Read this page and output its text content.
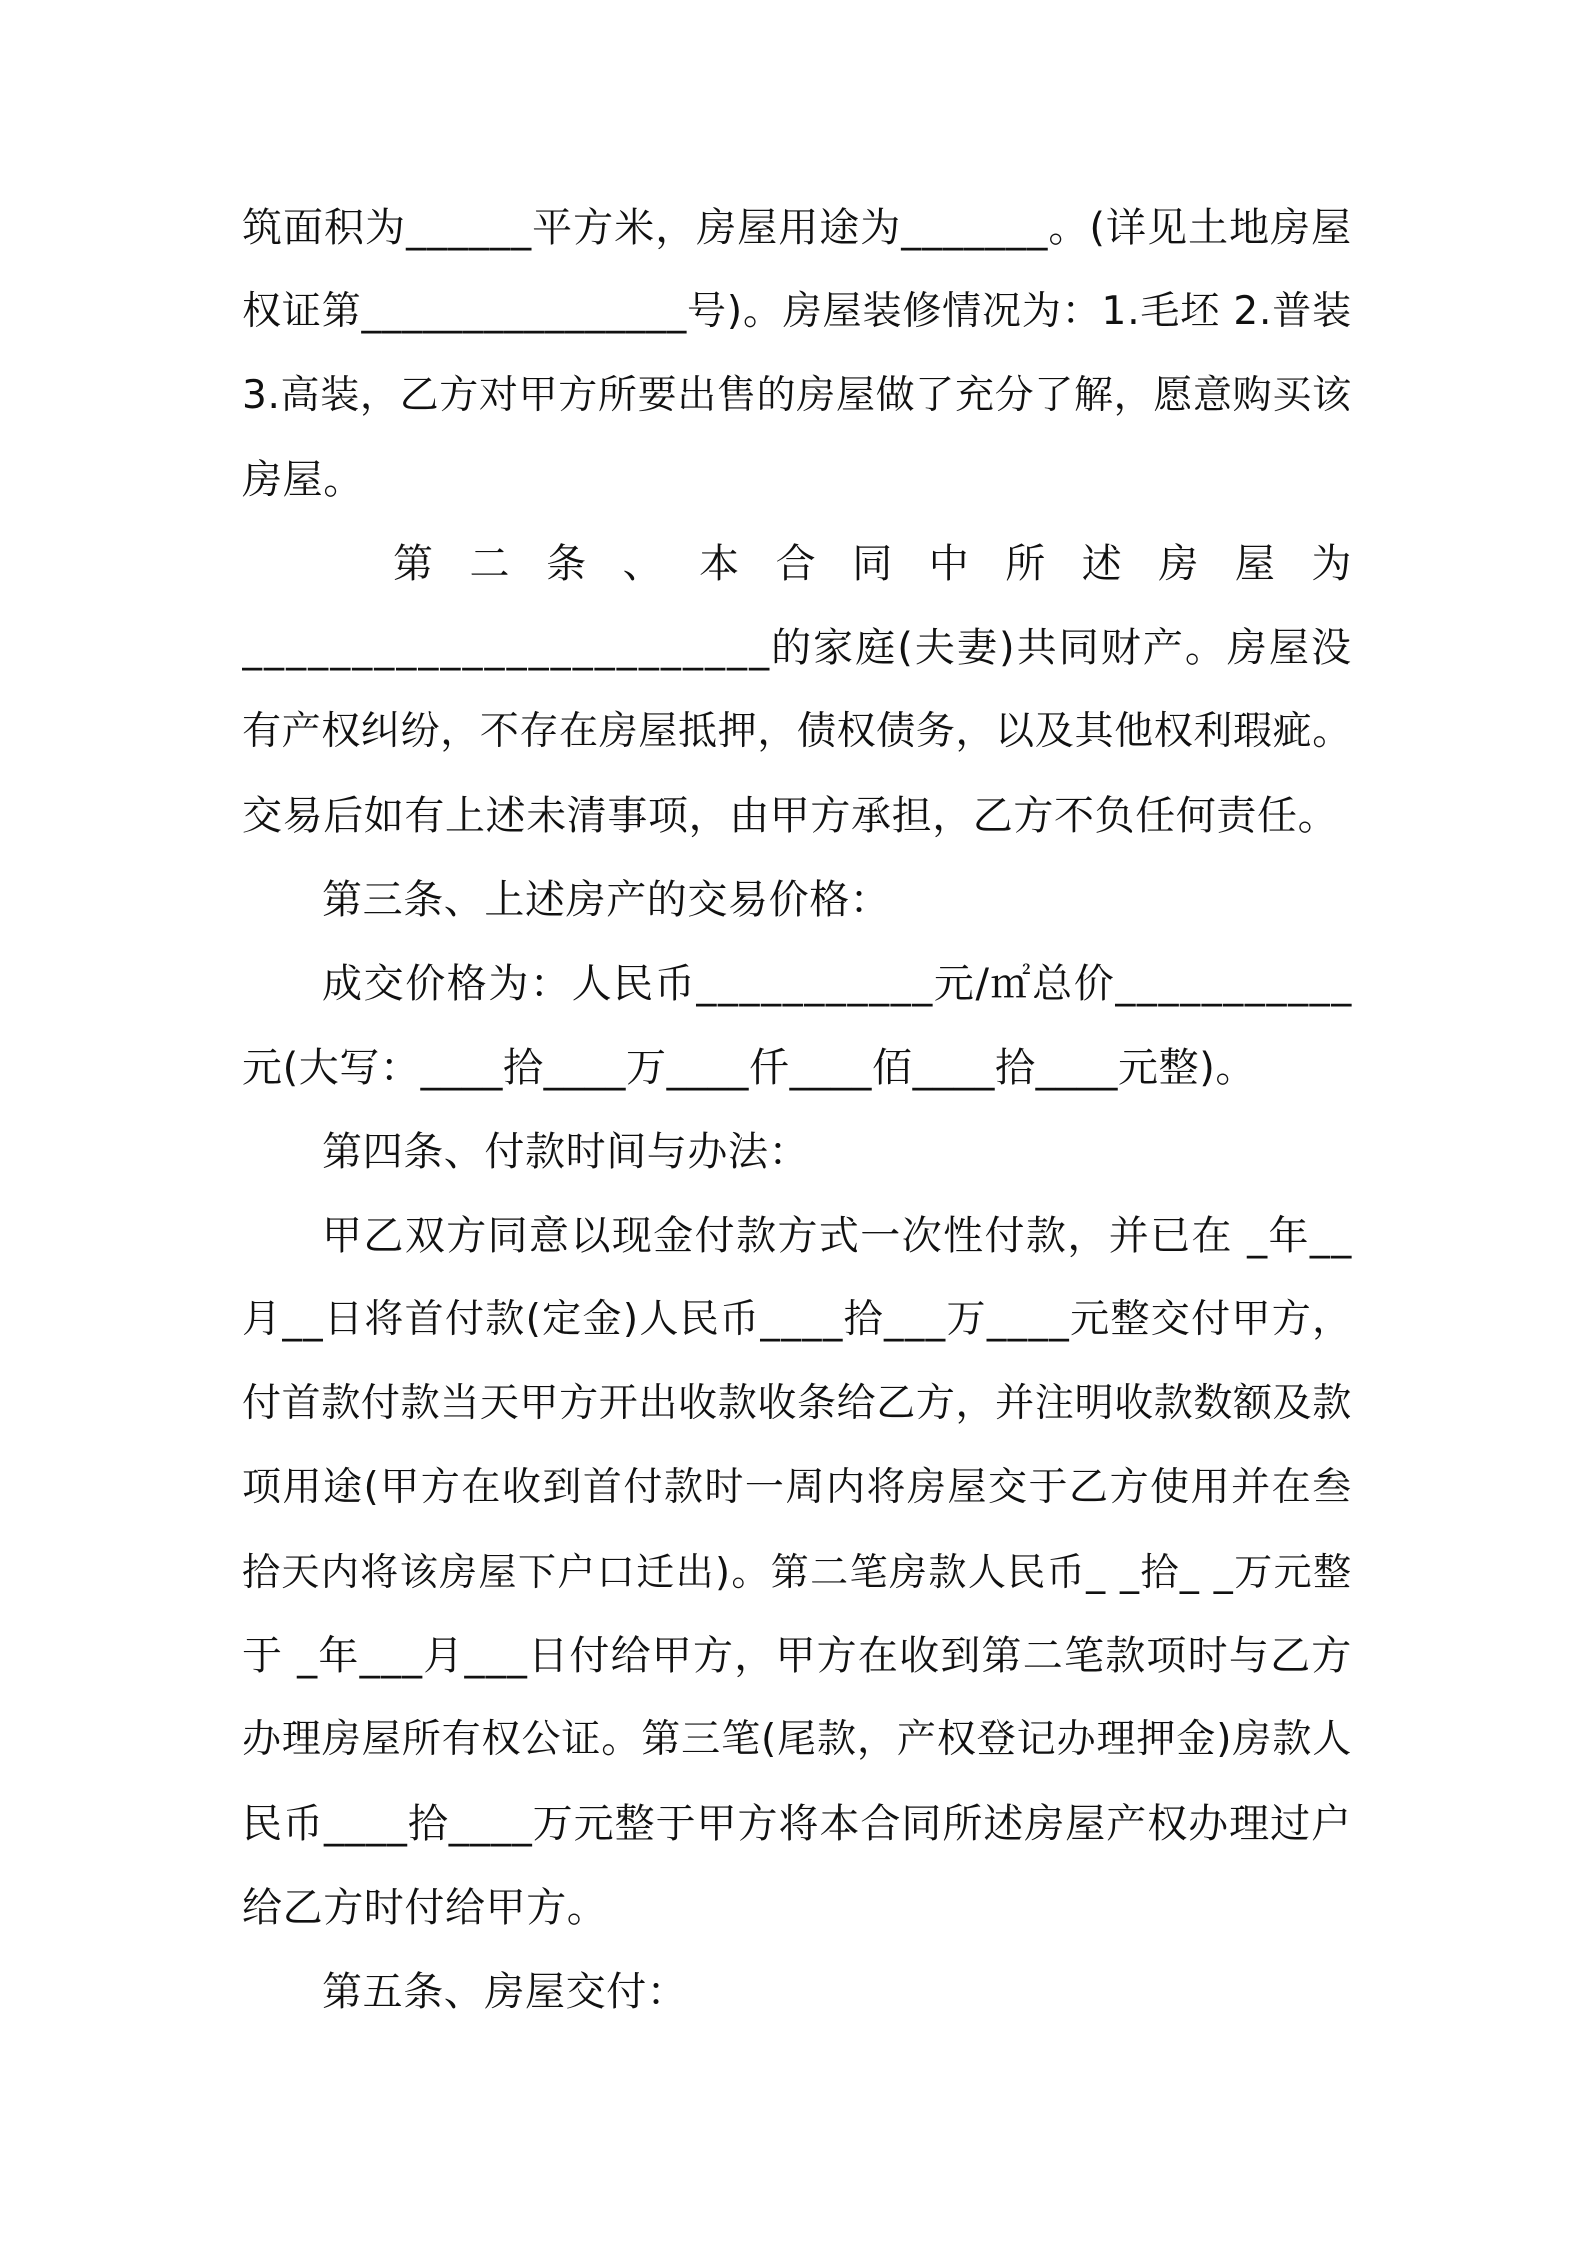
筑 面 积 为 _ _ _ _ _ _ 平 方 米 ， 房 屋 用 途 为 _ _ _ _ _ _ _ 。 ( 详 见 土 地 房 屋
权 证 第 _ _ _ _ _ _ _ _ _ _ _ _ _ _ _ _ 号 ) 。 房 屋 装 修 情 况 为 ： 1 . 毛 坯
2 . 普 装
3 . 高 装 ， 乙 方 对 甲 方 所 要 出 售 的 房 屋 做 了 充 分 了 解 ， 愿 意 购 买 该
房屋。
第 二 条 、 本 合 同 中 所 述 房 屋 为
_ _ _ _ _ _ _ _ _ _ _ _ _ _ _ _ _ _ _ _ _ _ _ _ 的 家 庭 ( 夫 妻 ) 共 同 财 产 。 房 屋 没
有 产 权 纠 纷 ， 不 存 在 房 屋 抵 押 ， 债 权 债 务 ， 以 及 其 他 权 利 瑕 疵 。
交易后如有上述未清事项，由甲方承担，乙方不负任何责任。
第三条、上述房产的交易价格：
成 交 价 格 为 ： 人 民 币 _ _ _ _ _ _ _ _ _ _ _ 元 / ㎡ 总 价 _ _ _ _ _ _ _ _ _ _ _
元(大写：____拾____万____仟____佰____拾____元整)。
第四条、付款时间与办法：
甲 乙 双 方 同 意 以 现 金 付 款 方 式 一 次 性 付 款 ， 并 已 在
_ 年 _ _
月 _ _ 日 将 首 付 款 ( 定 金 ) 人 民 币 _ _ _ _ 拾 _ _ _ 万 _ _ _ _ 元 整 交 付 甲 方 ，
付 首 款 付 款 当 天 甲 方 开 出 收 款 收 条 给 乙 方 ， 并 注 明 收 款 数 额 及 款
项 用 途 ( 甲 方 在 收 到 首 付 款 时 一 周 内 将 房 屋 交 于 乙 方 使 用 并 在 叁
拾 天 内 将 该 房 屋 下 户 口 迁 出 ) 。 第 二 笔 房 款 人 民 币 _
_ 拾 _
_ 万 元 整
于
_ 年 _ _ _ 月 _ _ _ 日 付 给 甲 方 ， 甲 方 在 收 到 第 二 笔 款 项 时 与 乙 方
办 理 房 屋 所 有 权 公 证 。 第 三 笔 ( 尾 款 ， 产 权 登 记 办 理 押 金 ) 房 款 人
民 币 _ _ _ _ 拾 _ _ _ _ 万 元 整 于 甲 方 将 本 合 同 所 述 房 屋 产 权 办 理 过 户
给乙方时付给甲方。
第五条、房屋交付：
